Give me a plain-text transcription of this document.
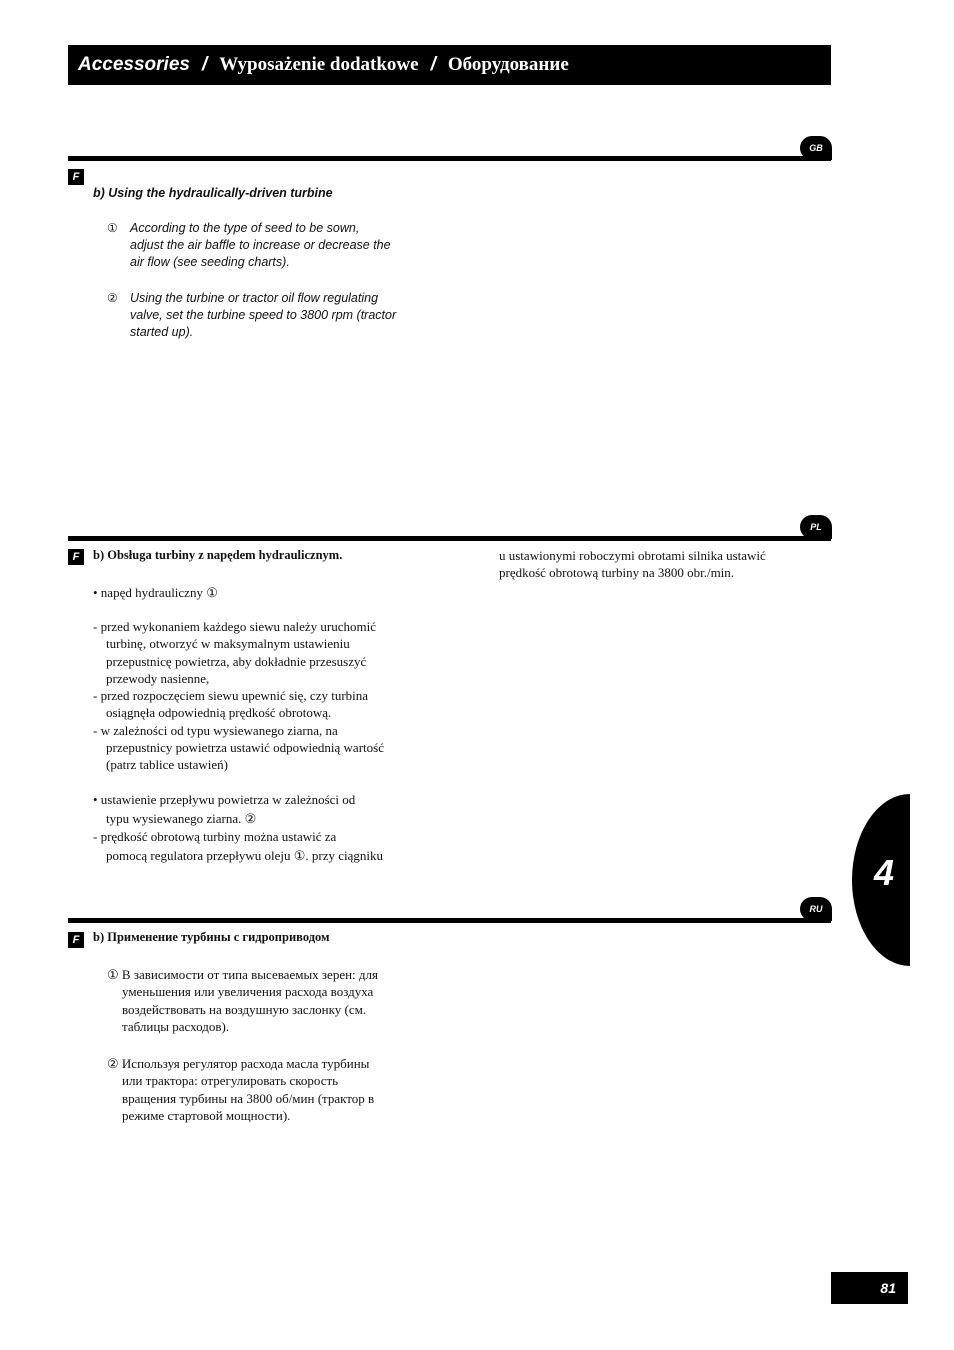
Accessories / Wyposażenie dodatkowe / Оборудование
GB
F
b) Using the hydraulically-driven turbine
① According to the type of seed to be sown,
adjust the air baffle to increase or decrease the
air flow (see seeding charts).
② Using the turbine or tractor oil flow regulating
valve, set the turbine speed to 3800 rpm (tractor
started up).
PL
F	b) Obsługa turbiny z napędem hydraulicznym.
• napęd hydrauliczny ①
- przed wykonaniem każdego siewu należy uruchomić
turbinę, otworzyć w maksymalnym ustawieniu
przepustnicę powietrza, aby dokładnie przesuszyć
przewody nasienne,
- przed rozpoczęciem siewu upewnić się, czy turbina
osiągnęła odpowiednią prędkość obrotową.
- w zależności od typu wysiewanego ziarna, na
przepustnicy powietrza ustawić odpowiednią wartość
(patrz tablice ustawień)
• ustawienie przepływu powietrza w zależności od
typu wysiewanego ziarna. ②
- prędkość obrotową turbiny można ustawić za
pomocą regulatora przepływu oleju ①. przy ciągniku
u ustawionymi roboczymi obrotami silnika ustawić
prędkość obrotową turbiny na 3800 obr./min.
RU
F	b) Применение турбины с гидроприводом
① В зависимости от типа высеваемых зерен: для
уменьшения или увеличения расхода воздуха
воздействовать на воздушную заслонку (см.
таблицы расходов).
② Используя регулятор расхода масла турбины
или трактора: отрегулировать скорость
вращения турбины на 3800 об/мин (трактор в
режиме стартовой мощности).
4
81
